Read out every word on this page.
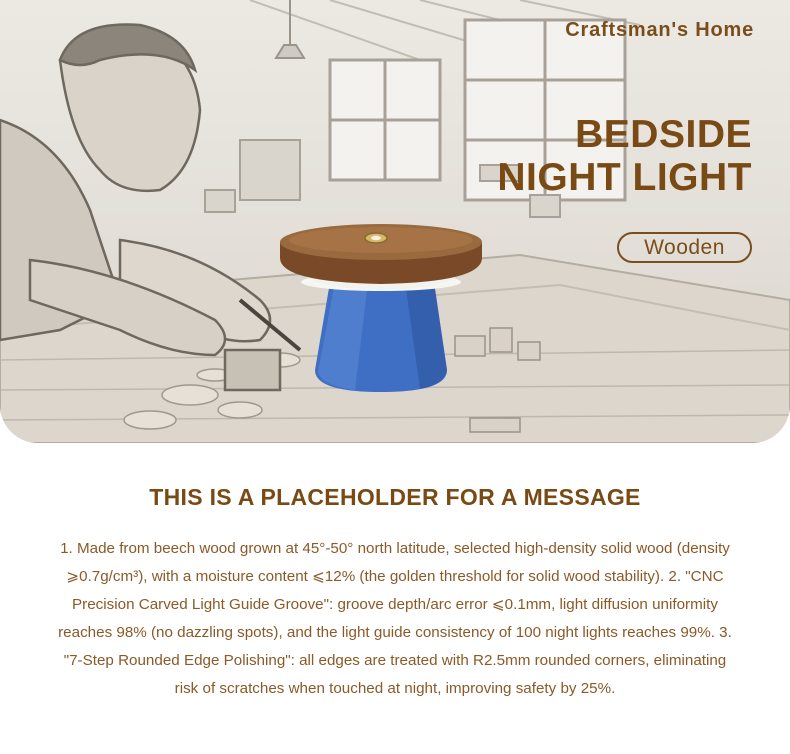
Craftsman's Home
BEDSIDE
NIGHT LIGHT
Wooden
THIS IS A PLACEHOLDER FOR A MESSAGE
1. Made from beech wood grown at 45°-50° north latitude, selected high-density solid wood (density ⩾0.7g/cm³), with a moisture content ⩽12% (the golden threshold for solid wood stability). 2. "CNC Precision Carved Light Guide Groove": groove depth/arc error ⩽0.1mm, light diffusion uniformity reaches 98% (no dazzling spots), and the light guide consistency of 100 night lights reaches 99%. 3. "7-Step Rounded Edge Polishing": all edges are treated with R2.5mm rounded corners, eliminating risk of scratches when touched at night, improving safety by 25%.
